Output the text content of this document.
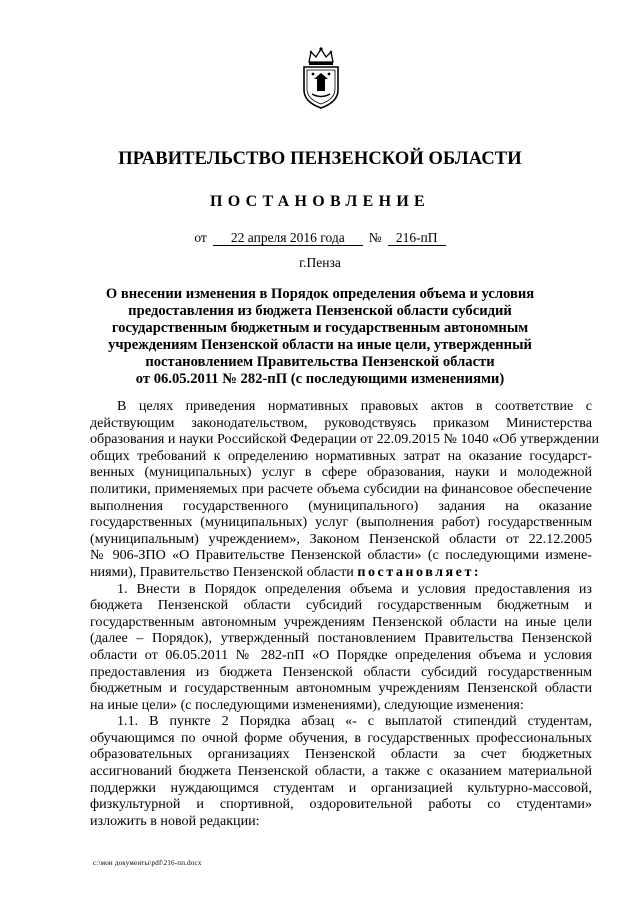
ПРАВИТЕЛЬСТВО ПЕНЗЕНСКОЙ ОБЛАСТИ
ПОСТАНОВЛЕНИЕ
от 22 апреля 2016 года № 216-пП
г.Пенза
О внесении изменения в Порядок определения объема и условия
предоставления из бюджета Пензенской области субсидий
государственным бюджетным и государственным автономным
учреждениям Пензенской области на иные цели, утвержденный
постановлением Правительства Пензенской области
от 06.05.2011 № 282-пП (с последующими изменениями)
В целях приведения нормативных правовых актов в соответствие с
действующим законодательством, руководствуясь приказом Министерства
образования и науки Российской Федерации от 22.09.2015 № 1040 «Об утверждении
общих требований к определению нормативных затрат на оказание государст-
венных (муниципальных) услуг в сфере образования, науки и молодежной
политики, применяемых при расчете объема субсидии на финансовое обеспечение
выполнения государственного (муниципального) задания на оказание
государственных (муниципальных) услуг (выполнения работ) государственным
(муниципальным) учреждением», Законом Пензенской области от 22.12.2005
№ 906-ЗПО «О Правительстве Пензенской области» (с последующими измене-
ниями), Правительство Пензенской области постановляет:
1. Внести в Порядок определения объема и условия предоставления из
бюджета Пензенской области субсидий государственным бюджетным и
государственным автономным учреждениям Пензенской области на иные цели
(далее – Порядок), утвержденный постановлением Правительства Пензенской
области от 06.05.2011 № 282-пП «О Порядке определения объема и условия
предоставления из бюджета Пензенской области субсидий государственным
бюджетным и государственным автономным учреждениям Пензенской области
на иные цели» (с последующими изменениями), следующие изменения:
1.1. В пункте 2 Порядка абзац «- с выплатой стипендий студентам,
обучающимся по очной форме обучения, в государственных профессиональных
образовательных организациях Пензенской области за счет бюджетных
ассигнований бюджета Пензенской области, а также с оказанием материальной
поддержки нуждающимся студентам и организацией культурно-массовой,
физкультурной и спортивной, оздоровительной работы со студентами»
изложить в новой редакции:
c:\мои документы\pdf\216-пп.docx
